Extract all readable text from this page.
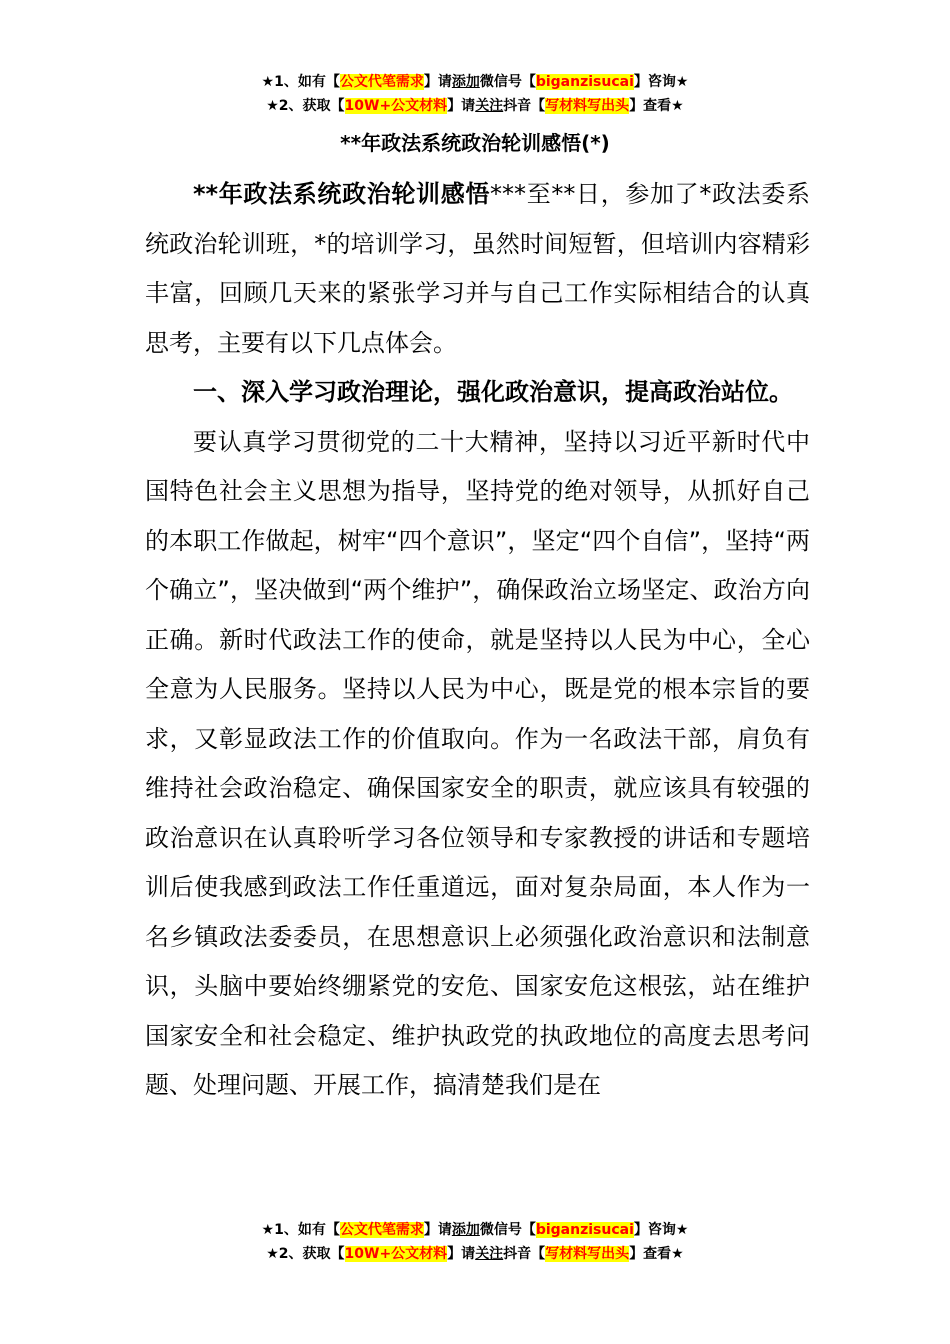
★1、如有【公文代笔需求】请添加微信号【biganzisucai】咨询★
★2、获取【10W+公文材料】请关注抖音【写材料写出头】查看★
**年政法系统政治轮训感悟(*)

**年政法系统政治轮训感悟***至**日，参加了*政法委系统政治轮训班，*的培训学习，虽然时间短暂，但培训内容精彩丰富，回顾几天来的紧张学习并与自己工作实际相结合的认真思考，主要有以下几点体会。

一、深入学习政治理论，强化政治意识，提高政治站位。

要认真学习贯彻党的二十大精神，坚持以习近平新时代中国特色社会主义思想为指导，坚持党的绝对领导，从抓好自己的本职工作做起，树牢“四个意识”，坚定“四个自信”，坚持“两个确立”，坚决做到“两个维护”，确保政治立场坚定、政治方向正确。新时代政法工作的使命，就是坚持以人民为中心，全心全意为人民服务。坚持以人民为中心，既是党的根本宗旨的要求，又彰显政法工作的价值取向。作为一名政法干部，肩负有维持社会政治稳定、确保国家安全的职责，就应该具有较强的政治意识在认真聆听学习各位领导和专家教授的讲话和专题培训后使我感到政法工作任重道远，面对复杂局面，本人作为一名乡镇政法委委员，在思想意识上必须强化政治意识和法制意识，头脑中要始终绷紧党的安危、国家安危这根弦，站在维护国家安全和社会稳定、维护执政党的执政地位的高度去思考问题、处理问题、开展工作，搞清楚我们是在

★1、如有【公文代笔需求】请添加微信号【biganzisucai】咨询★
★2、获取【10W+公文材料】请关注抖音【写材料写出头】查看★
